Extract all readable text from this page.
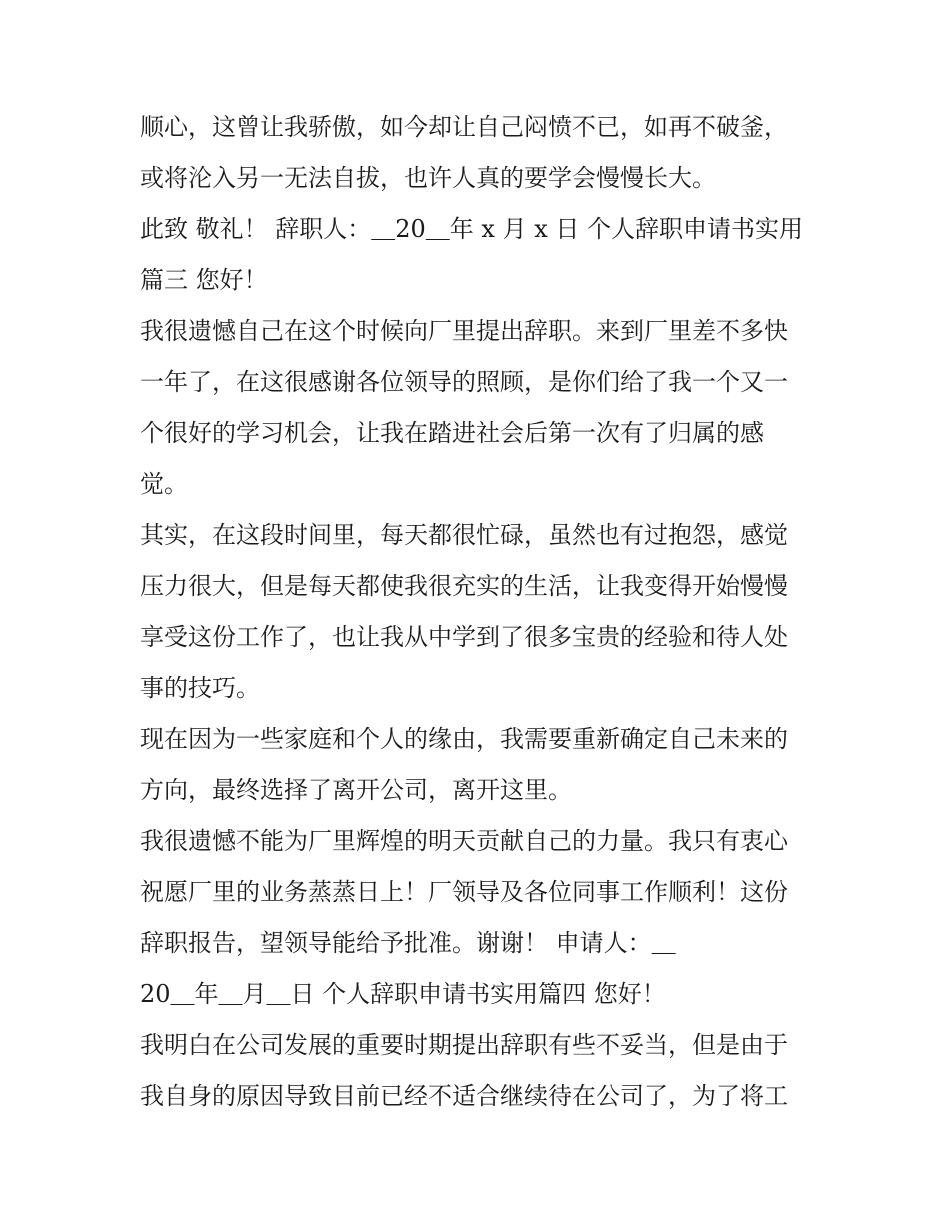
顺心，这曾让我骄傲，如今却让自己闷愤不已，如再不破釜，
或将沦入另一无法自拔，也许人真的要学会慢慢长大。
此致 敬礼！ 辞职人：＿20＿年 x 月 x 日 个人辞职申请书实用
篇三 您好！
我很遗憾自己在这个时候向厂里提出辞职。来到厂里差不多快
一年了，在这很感谢各位领导的照顾，是你们给了我一个又一
个很好的学习机会，让我在踏进社会后第一次有了归属的感
觉。
其实，在这段时间里，每天都很忙碌，虽然也有过抱怨，感觉
压力很大，但是每天都使我很充实的生活，让我变得开始慢慢
享受这份工作了，也让我从中学到了很多宝贵的经验和待人处
事的技巧。
现在因为一些家庭和个人的缘由，我需要重新确定自己未来的
方向，最终选择了离开公司，离开这里。
我很遗憾不能为厂里辉煌的明天贡献自己的力量。我只有衷心
祝愿厂里的业务蒸蒸日上！厂领导及各位同事工作顺利！这份
辞职报告，望领导能给予批准。谢谢！ 申请人：＿
20＿年＿月＿日 个人辞职申请书实用篇四 您好！
我明白在公司发展的重要时期提出辞职有些不妥当，但是由于
我自身的原因导致目前已经不适合继续待在公司了，为了将工
